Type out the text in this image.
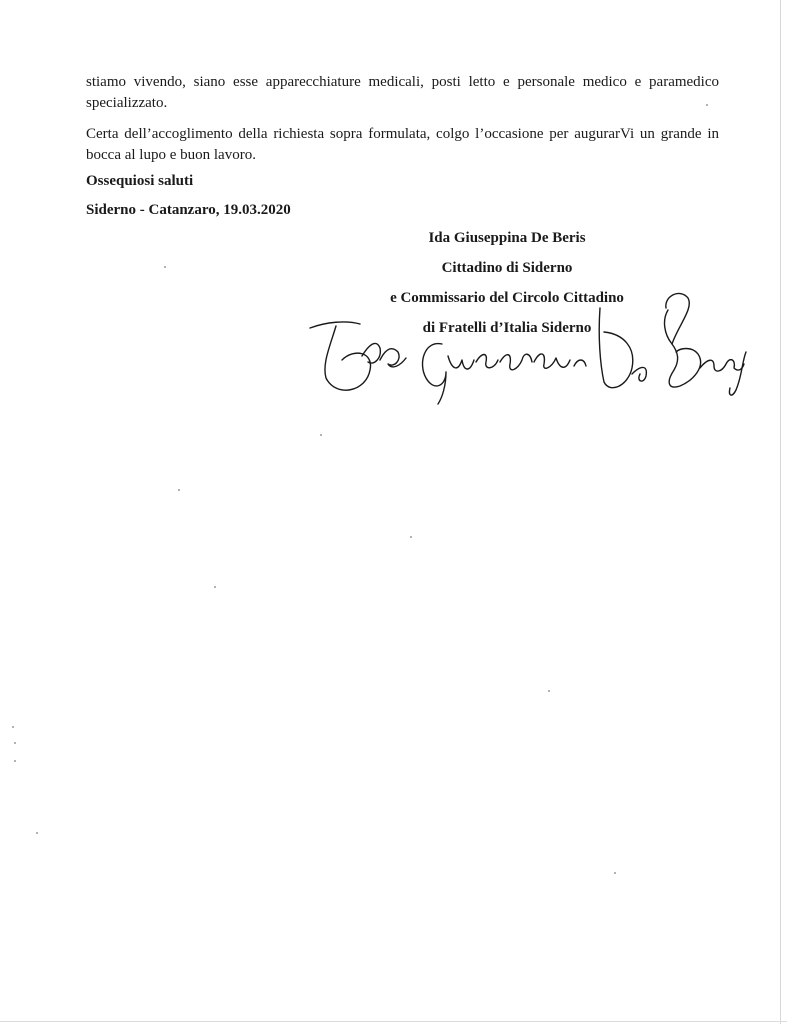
stiamo vivendo, siano esse apparecchiature medicali, posti letto e personale medico e paramedico specializzato.

Certa dell’accoglimento della richiesta sopra formulata, colgo l’occasione per augurarVi un grande in bocca al lupo e buon lavoro.

Ossequiosi saluti
Siderno - Catanzaro, 19.03.2020
Ida Giuseppina De Beris
Cittadino di Siderno
e Commissario del Circolo Cittadino
di Fratelli d’Italia Siderno
